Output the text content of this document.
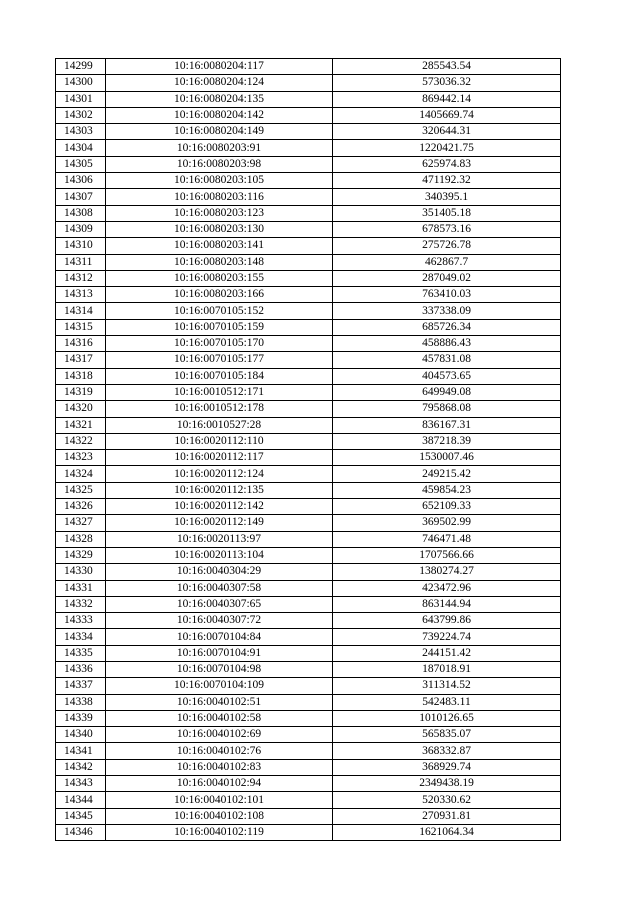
14299	10:16:0080204:117	285543.54
14300	10:16:0080204:124	573036.32
14301	10:16:0080204:135	869442.14
14302	10:16:0080204:142	1405669.74
14303	10:16:0080204:149	320644.31
14304	10:16:0080203:91	1220421.75
14305	10:16:0080203:98	625974.83
14306	10:16:0080203:105	471192.32
14307	10:16:0080203:116	340395.1
14308	10:16:0080203:123	351405.18
14309	10:16:0080203:130	678573.16
14310	10:16:0080203:141	275726.78
14311	10:16:0080203:148	462867.7
14312	10:16:0080203:155	287049.02
14313	10:16:0080203:166	763410.03
14314	10:16:0070105:152	337338.09
14315	10:16:0070105:159	685726.34
14316	10:16:0070105:170	458886.43
14317	10:16:0070105:177	457831.08
14318	10:16:0070105:184	404573.65
14319	10:16:0010512:171	649949.08
14320	10:16:0010512:178	795868.08
14321	10:16:0010527:28	836167.31
14322	10:16:0020112:110	387218.39
14323	10:16:0020112:117	1530007.46
14324	10:16:0020112:124	249215.42
14325	10:16:0020112:135	459854.23
14326	10:16:0020112:142	652109.33
14327	10:16:0020112:149	369502.99
14328	10:16:0020113:97	746471.48
14329	10:16:0020113:104	1707566.66
14330	10:16:0040304:29	1380274.27
14331	10:16:0040307:58	423472.96
14332	10:16:0040307:65	863144.94
14333	10:16:0040307:72	643799.86
14334	10:16:0070104:84	739224.74
14335	10:16:0070104:91	244151.42
14336	10:16:0070104:98	187018.91
14337	10:16:0070104:109	311314.52
14338	10:16:0040102:51	542483.11
14339	10:16:0040102:58	1010126.65
14340	10:16:0040102:69	565835.07
14341	10:16:0040102:76	368332.87
14342	10:16:0040102:83	368929.74
14343	10:16:0040102:94	2349438.19
14344	10:16:0040102:101	520330.62
14345	10:16:0040102:108	270931.81
14346	10:16:0040102:119	1621064.34
